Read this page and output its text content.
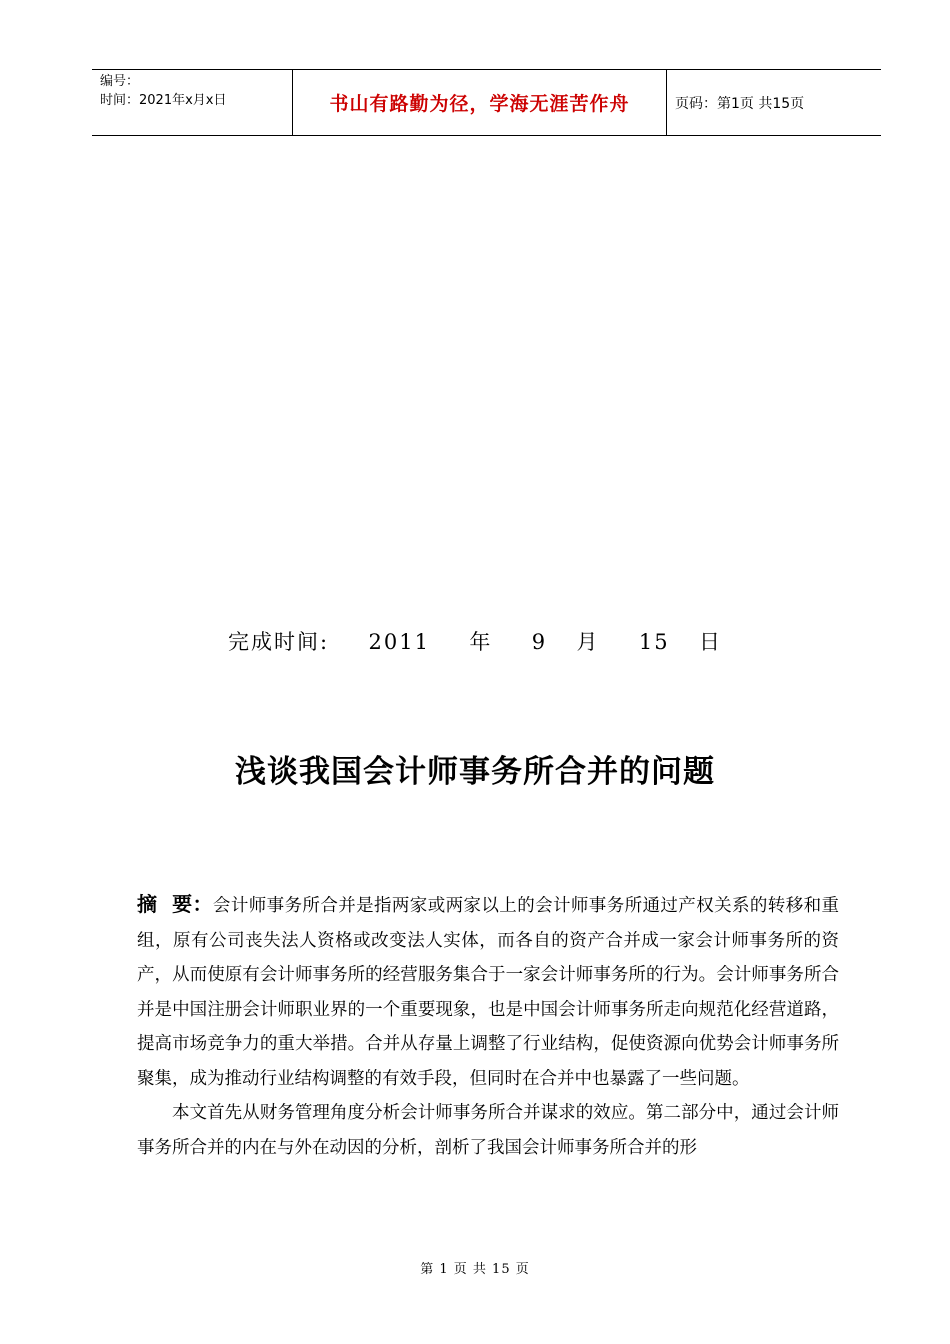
编号：
时间：2021年x月x日	书山有路勤为径，学海无涯苦作舟	页码：第1页 共15页
完成时间: 2011 年 9 月 15 日
浅谈我国会计师事务所合并的问题

摘  要：会计师事务所合并是指两家或两家以上的会计师事务所通过产权关系的转移和重组，原有公司丧失法人资格或改变法人实体，而各自的资产合并成一家会计师事务所的资产，从而使原有会计师事务所的经营服务集合于一家会计师事务所的行为。会计师事务所合并是中国注册会计师职业界的一个重要现象，也是中国会计师事务所走向规范化经营道路，提高市场竞争力的重大举措。合并从存量上调整了行业结构，促使资源向优势会计师事务所聚集，成为推动行业结构调整的有效手段，但同时在合并中也暴露了一些问题。

本文首先从财务管理角度分析会计师事务所合并谋求的效应。第二部分中，通过会计师事务所合并的内在与外在动因的分析，剖析了我国会计师事务所合并的形

第 1 页 共 15 页
